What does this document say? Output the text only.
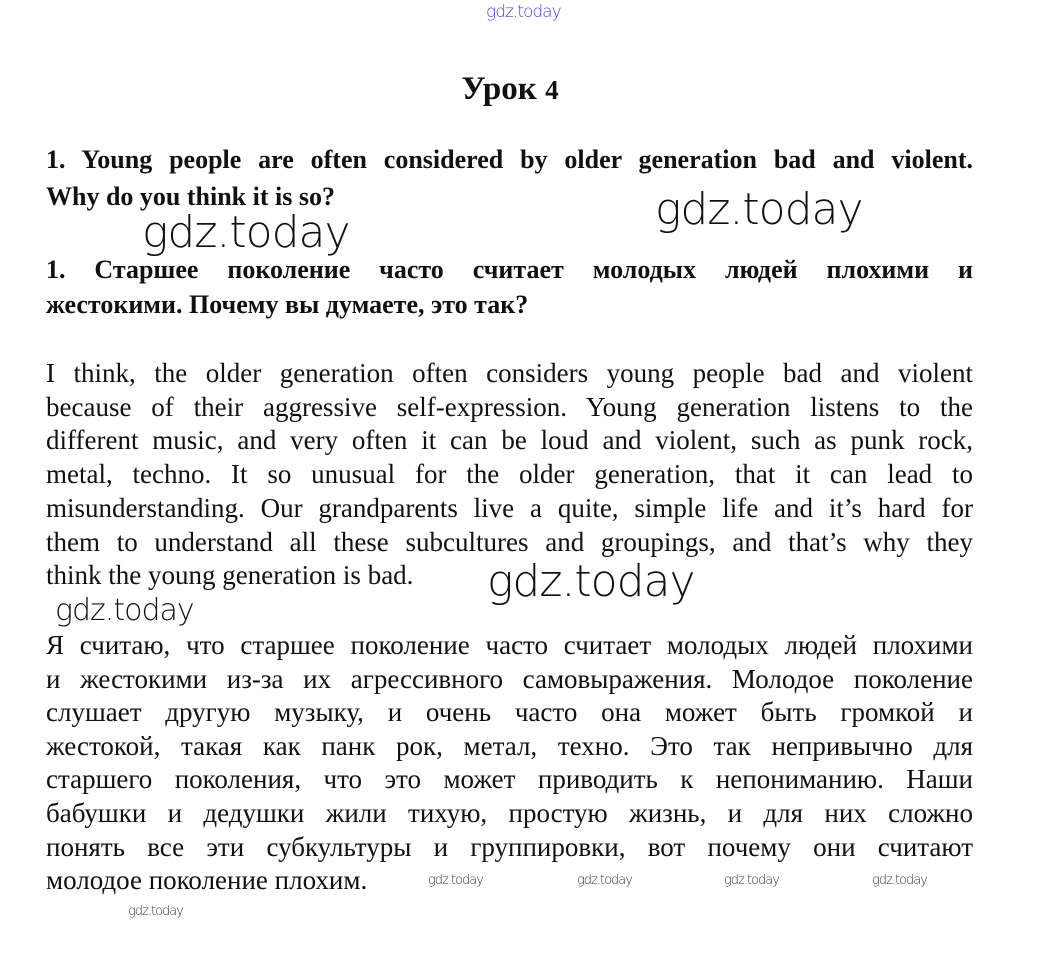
gdz.today
Урок 4
1. Young people are often considered by older generation bad and violent.
Why do you think it is so?
1. Старшее поколение часто считает молодых людей плохими и
жестокими. Почему вы думаете, это так?
I think, the older generation often considers young people bad and violent
because of their aggressive self-expression. Young generation listens to the
different music, and very often it can be loud and violent, such as punk rock,
metal, techno. It so unusual for the older generation, that it can lead to
misunderstanding. Our grandparents live a quite, simple life and it’s hard for
them to understand all these subcultures and groupings, and that’s why they
think the young generation is bad.
Я считаю, что старшее поколение часто считает молодых людей плохими
и жестокими из-за их агрессивного самовыражения. Молодое поколение
слушает другую музыку, и очень часто она может быть громкой и
жестокой, такая как панк рок, метал, техно. Это так непривычно для
старшего поколения, что это может приводить к непониманию. Наши
бабушки и дедушки жили тихую, простую жизнь, и для них сложно
понять все эти субкультуры и группировки, вот почему они считают
молодое поколение плохим.
gdz.today	gdz.today
gdz.today
gdz.today
gdz.today
gdz.today	gdz.today	gdz.today	gdz.today
